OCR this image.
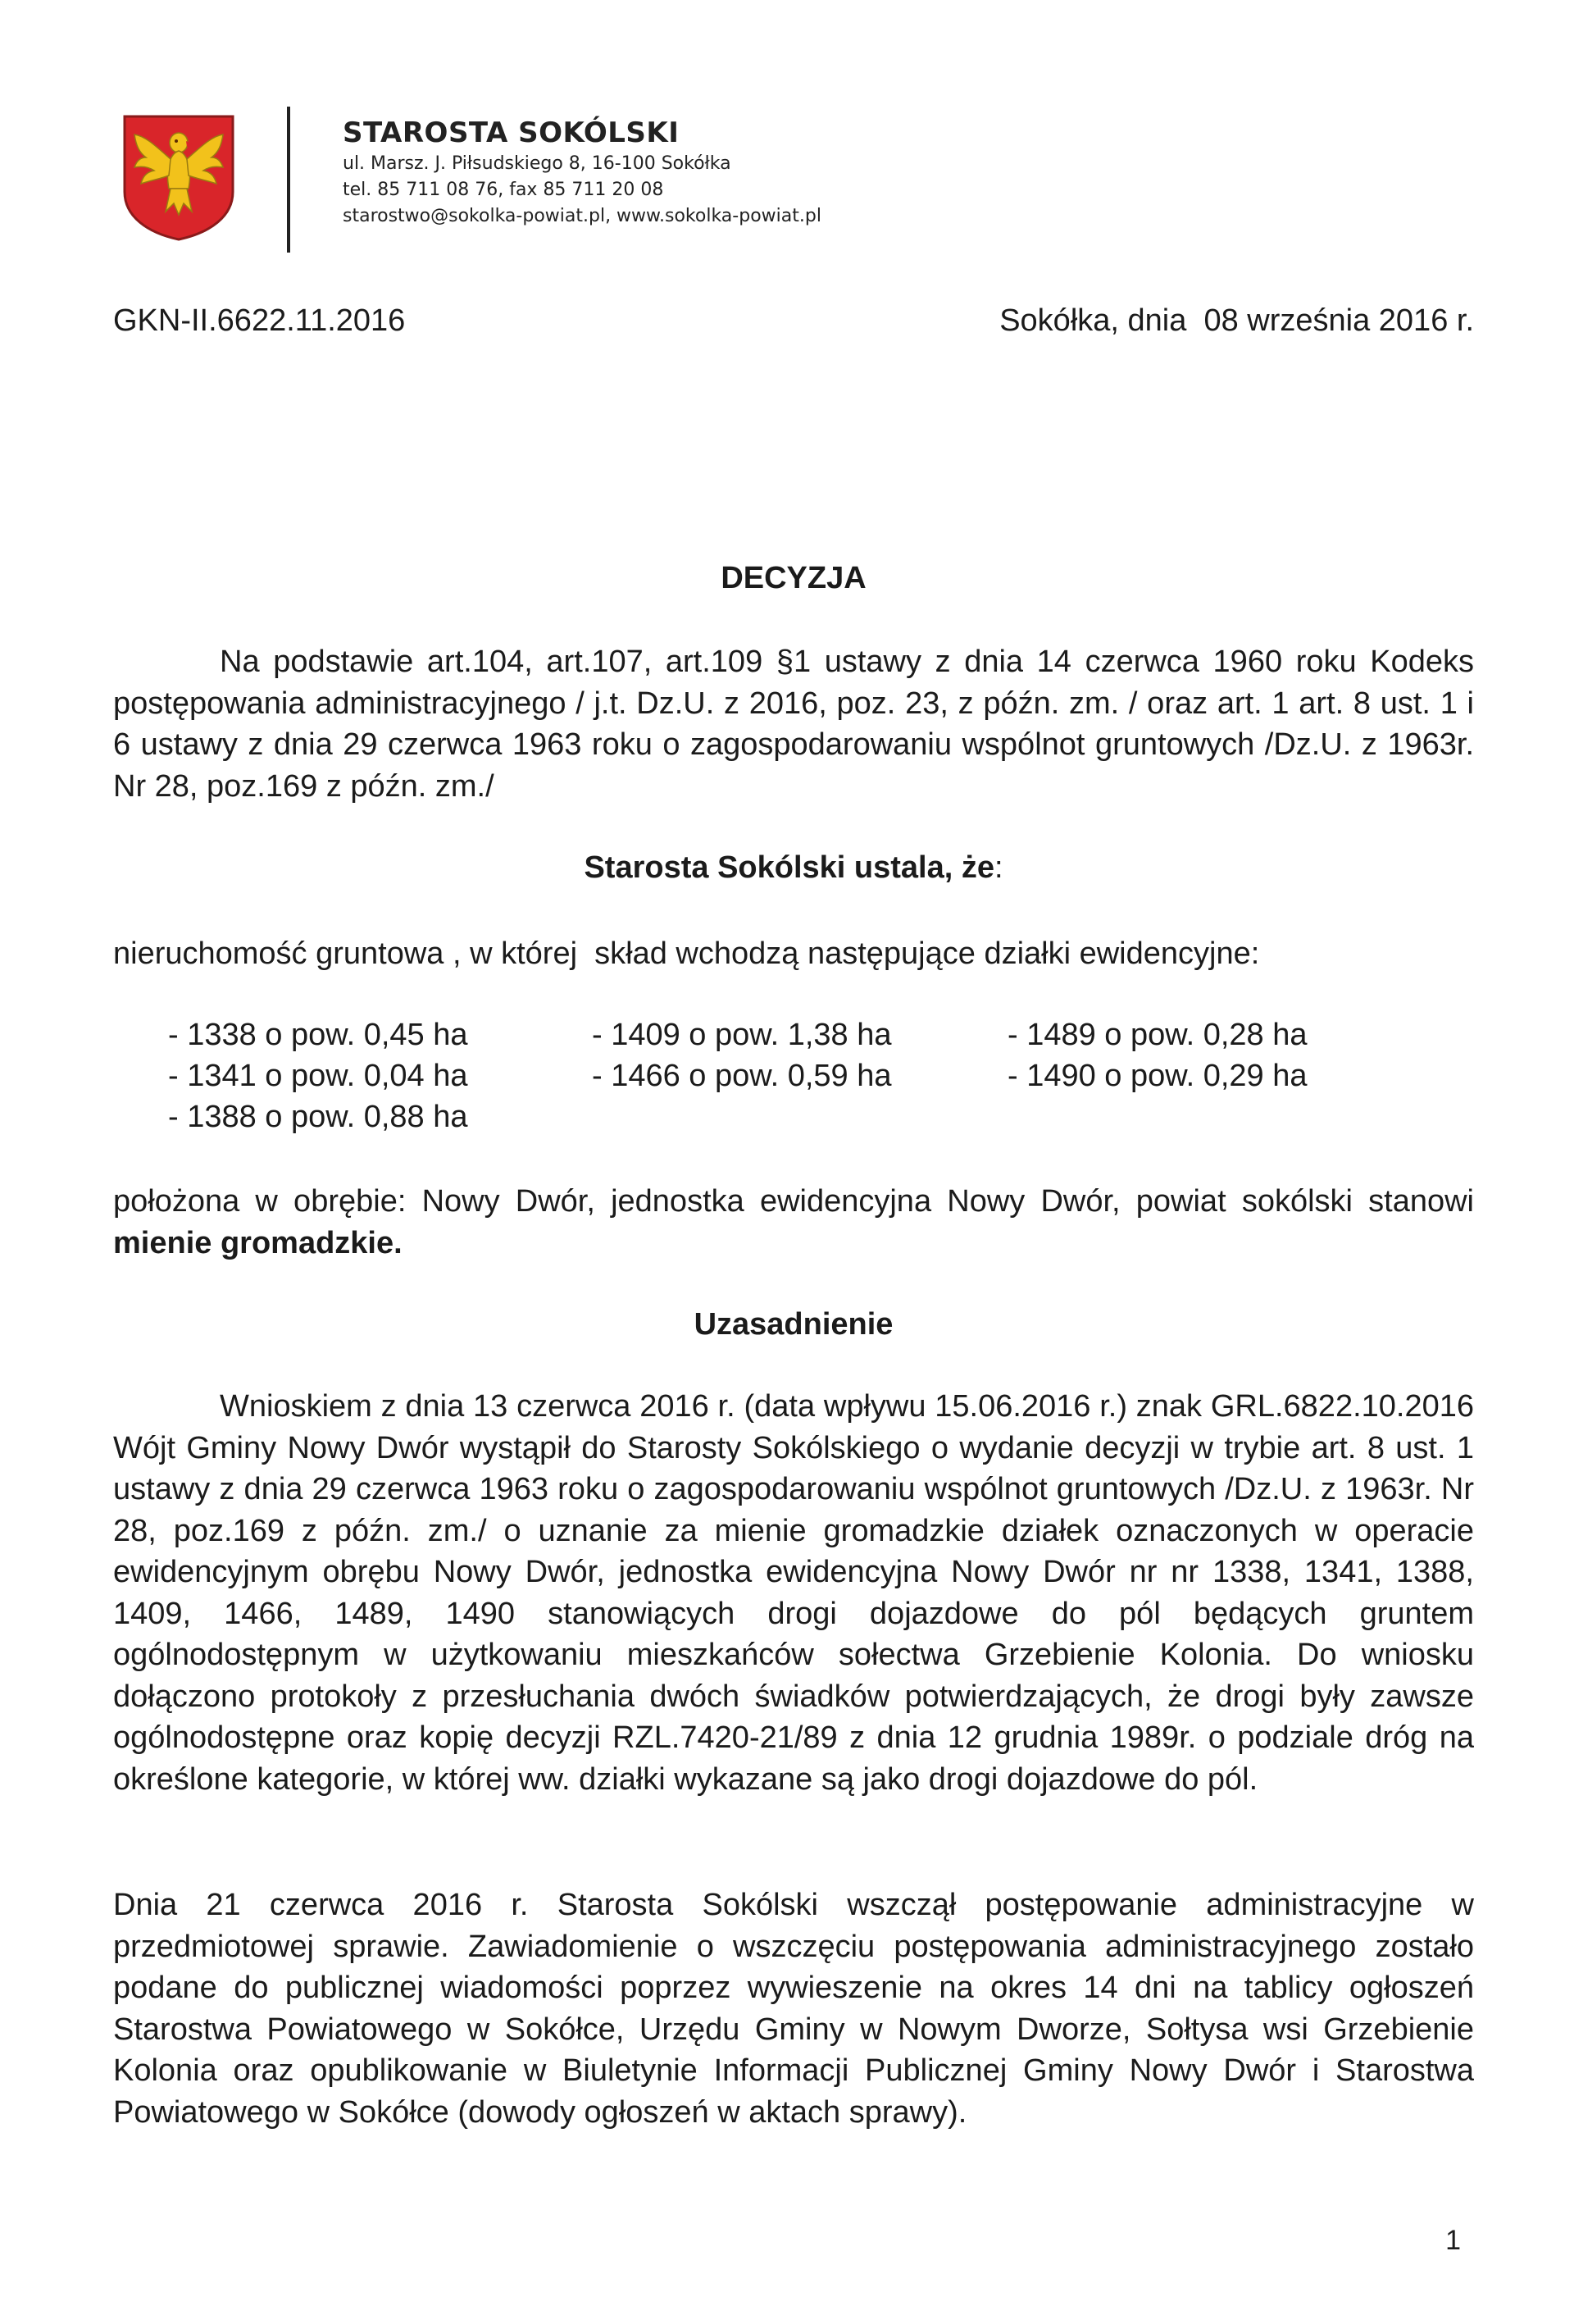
STAROSTA SOKÓLSKI
ul. Marsz. J. Piłsudskiego 8, 16-100 Sokółka
tel. 85 711 08 76, fax 85 711 20 08
starostwo@sokolka-powiat.pl, www.sokolka-powiat.pl
GKN-II.6622.11.2016	Sokółka, dnia  08 września 2016 r.
DECYZJA
Na podstawie art.104, art.107, art.109 §1 ustawy z dnia 14 czerwca 1960 roku Kodeks postępowania administracyjnego / j.t. Dz.U. z 2016, poz. 23, z późn. zm. / oraz art. 1 art. 8 ust. 1 i 6 ustawy z dnia 29 czerwca 1963 roku o zagospodarowaniu wspólnot gruntowych /Dz.U. z 1963r. Nr 28, poz.169 z późn. zm./
Starosta Sokólski ustala, że:
nieruchomość gruntowa , w której  skład wchodzą następujące działki ewidencyjne:
- 1338 o pow. 0,45 ha	- 1409 o pow. 1,38 ha	- 1489 o pow. 0,28 ha
- 1341 o pow. 0,04 ha	- 1466 o pow. 0,59 ha	- 1490 o pow. 0,29 ha
- 1388 o pow. 0,88 ha
położona w obrębie: Nowy Dwór, jednostka ewidencyjna Nowy Dwór, powiat sokólski stanowi mienie gromadzkie.
Uzasadnienie
Wnioskiem z dnia 13 czerwca 2016 r. (data wpływu 15.06.2016 r.) znak GRL.6822.10.2016 Wójt Gminy Nowy Dwór wystąpił do Starosty Sokólskiego o wydanie decyzji w trybie art. 8 ust. 1 ustawy z dnia 29 czerwca 1963 roku o zagospodarowaniu wspólnot gruntowych /Dz.U. z 1963r. Nr 28, poz.169 z późn. zm./ o uznanie za mienie gromadzkie działek oznaczonych w operacie ewidencyjnym obrębu Nowy Dwór, jednostka ewidencyjna Nowy Dwór nr nr 1338, 1341, 1388, 1409, 1466, 1489, 1490 stanowiących drogi dojazdowe do pól będących gruntem ogólnodostępnym w użytkowaniu mieszkańców sołectwa Grzebienie Kolonia. Do wniosku dołączono protokoły z przesłuchania dwóch świadków potwierdzających, że drogi były zawsze ogólnodostępne oraz kopię decyzji RZL.7420-21/89 z dnia 12 grudnia 1989r. o podziale dróg na określone kategorie, w której ww. działki wykazane są jako drogi dojazdowe do pól.
Dnia 21 czerwca 2016 r. Starosta Sokólski wszczął postępowanie administracyjne w przedmiotowej sprawie. Zawiadomienie o wszczęciu postępowania administracyjnego zostało podane do publicznej wiadomości poprzez wywieszenie na okres 14 dni na tablicy ogłoszeń Starostwa Powiatowego w Sokółce, Urzędu Gminy w Nowym Dworze, Sołtysa wsi Grzebienie Kolonia oraz opublikowanie w Biuletynie Informacji Publicznej Gminy Nowy Dwór i Starostwa Powiatowego w Sokółce (dowody ogłoszeń w aktach sprawy).
1
